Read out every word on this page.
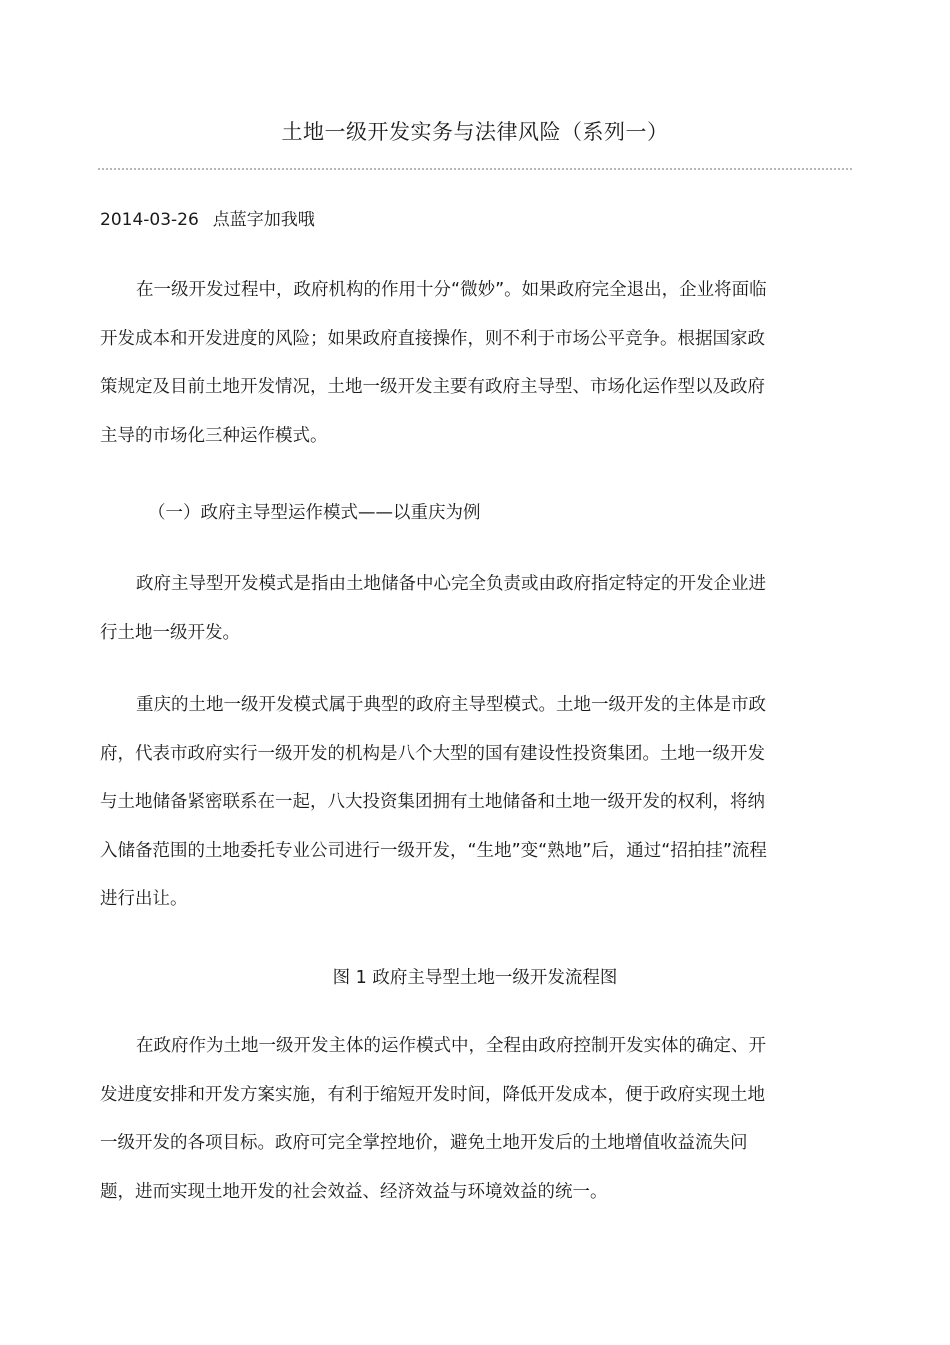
土地一级开发实务与法律风险（系列一）
2014-03-26 点蓝字加我哦

在一级开发过程中，政府机构的作用十分“微妙”。如果政府完全退出，企业将面临开发成本和开发进度的风险；如果政府直接操作，则不利于市场公平竞争。根据国家政策规定及目前土地开发情况，土地一级开发主要有政府主导型、市场化运作型以及政府主导的市场化三种运作模式。

（一）政府主导型运作模式——以重庆为例

政府主导型开发模式是指由土地储备中心完全负责或由政府指定特定的开发企业进行土地一级开发。

重庆的土地一级开发模式属于典型的政府主导型模式。土地一级开发的主体是市政府，代表市政府实行一级开发的机构是八个大型的国有建设性投资集团。土地一级开发与土地储备紧密联系在一起，八大投资集团拥有土地储备和土地一级开发的权利，将纳入储备范围的土地委托专业公司进行一级开发，“生地”变“熟地”后，通过“招拍挂”流程进行出让。

图 1 政府主导型土地一级开发流程图

在政府作为土地一级开发主体的运作模式中，全程由政府控制开发实体的确定、开发进度安排和开发方案实施，有利于缩短开发时间，降低开发成本，便于政府实现土地一级开发的各项目标。政府可完全掌控地价，避免土地开发后的土地增值收益流失问题，进而实现土地开发的社会效益、经济效益与环境效益的统一。
